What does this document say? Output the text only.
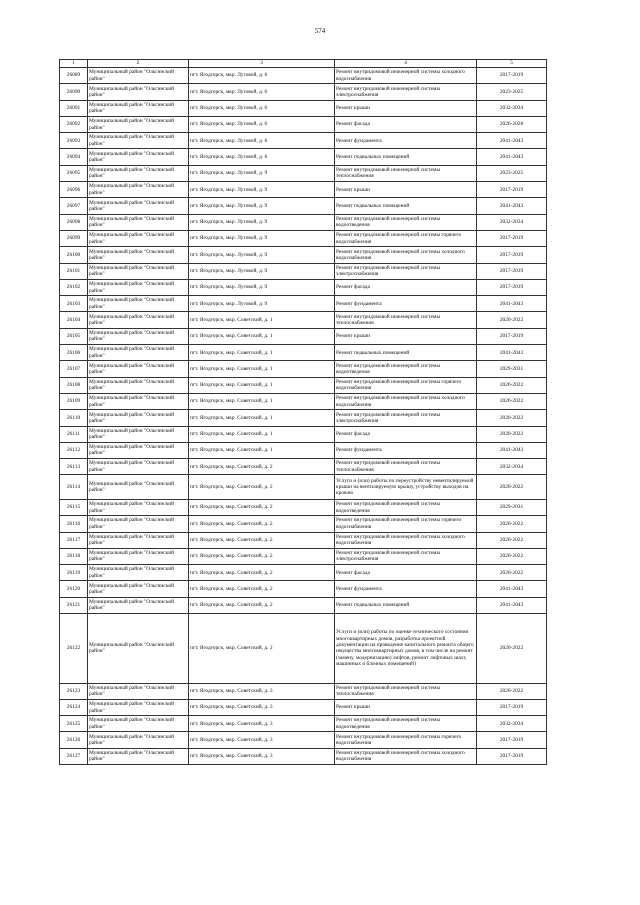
574
1	2	3	4	5
26089	Муниципальный район "Ольгинский район"	пгт. Ягодгорск, мкр. Луговой, д. 6	Ремонт внутридомовой инженерной системы холодного водоснабжения	2017-2019
26090	Муниципальный район "Ольгинский район"	пгт. Ягодгорск, мкр. Луговой, д. 6	Ремонт внутридомовой инженерной системы электроснабжения	2023-2025
26091	Муниципальный район "Ольгинский район"	пгт. Ягодгорск, мкр. Луговой, д. 6	Ремонт крыши	2032-2034
26092	Муниципальный район "Ольгинский район"	пгт. Ягодгорск, мкр. Луговой, д. 6	Ремонт фасада	2026-2028
26093	Муниципальный район "Ольгинский район"	пгт. Ягодгорск, мкр. Луговой, д. 6	Ремонт фундамента	2041-2043
26094	Муниципальный район "Ольгинский район"	пгт. Ягодгорск, мкр. Луговой, д. 6	Ремонт подвальных помещений	2041-2043
26095	Муниципальный район "Ольгинский район"	пгт. Ягодгорск, мкр. Луговой, д. 9	Ремонт внутридомовой инженерной системы теплоснабжения	2023-2025
26096	Муниципальный район "Ольгинский район"	пгт. Ягодгорск, мкр. Луговой, д. 9	Ремонт крыши	2017-2019
26097	Муниципальный район "Ольгинский район"	пгт. Ягодгорск, мкр. Луговой, д. 9	Ремонт подвальных помещений	2041-2043
26098	Муниципальный район "Ольгинский район"	пгт. Ягодгорск, мкр. Луговой, д. 9	Ремонт внутридомовой инженерной системы водоотведения	2032-2034
26099	Муниципальный район "Ольгинский район"	пгт. Ягодгорск, мкр. Луговой, д. 9	Ремонт внутридомовой инженерной системы горячего водоснабжения	2017-2019
26100	Муниципальный район "Ольгинский район"	пгт. Ягодгорск, мкр. Луговой, д. 9	Ремонт внутридомовой инженерной системы холодного водоснабжения	2017-2019
26101	Муниципальный район "Ольгинский район"	пгт. Ягодгорск, мкр. Луговой, д. 9	Ремонт внутридомовой инженерной системы электроснабжения	2017-2019
26102	Муниципальный район "Ольгинский район"	пгт. Ягодгорск, мкр. Луговой, д. 9	Ремонт фасада	2017-2019
26103	Муниципальный район "Ольгинский район"	пгт. Ягодгорск, мкр. Луговой, д. 9	Ремонт фундамента	2041-2043
26104	Муниципальный район "Ольгинский район"	пгт. Ягодгорск, мкр. Советский, д. 1	Ремонт внутридомовой инженерной системы теплоснабжения	2020-2022
26105	Муниципальный район "Ольгинский район"	пгт. Ягодгорск, мкр. Советский, д. 1	Ремонт крыши	2017-2019
26106	Муниципальный район "Ольгинский район"	пгт. Ягодгорск, мкр. Советский, д. 1	Ремонт подвальных помещений	2041-2043
26107	Муниципальный район "Ольгинский район"	пгт. Ягодгорск, мкр. Советский, д. 1	Ремонт внутридомовой инженерной системы водоотведения	2029-2031
26108	Муниципальный район "Ольгинский район"	пгт. Ягодгорск, мкр. Советский, д. 1	Ремонт внутридомовой инженерной системы горячего водоснабжения	2020-2022
26109	Муниципальный район "Ольгинский район"	пгт. Ягодгорск, мкр. Советский, д. 1	Ремонт внутридомовой инженерной системы холодного водоснабжения	2020-2022
26110	Муниципальный район "Ольгинский район"	пгт. Ягодгорск, мкр. Советский, д. 1	Ремонт внутридомовой инженерной системы электроснабжения	2020-2022
26111	Муниципальный район "Ольгинский район"	пгт. Ягодгорск, мкр. Советский, д. 1	Ремонт фасада	2020-2022
26112	Муниципальный район "Ольгинский район"	пгт. Ягодгорск, мкр. Советский, д. 1	Ремонт фундамента	2041-2043
26113	Муниципальный район "Ольгинский район"	пгт. Ягодгорск, мкр. Советский, д. 2	Ремонт внутридомовой инженерной системы теплоснабжения	2032-2034
26114	Муниципальный район "Ольгинский район"	пгт. Ягодгорск, мкр. Советский, д. 2	Услуги и (или) работы по переустройству невентилируемой крыши на вентилируемую крышу, устройству выходов на кровлю	2020-2022
26115	Муниципальный район "Ольгинский район"	пгт. Ягодгорск, мкр. Советский, д. 2	Ремонт внутридомовой инженерной системы водоотведения	2029-2031
26116	Муниципальный район "Ольгинский район"	пгт. Ягодгорск, мкр. Советский, д. 2	Ремонт внутридомовой инженерной системы горячего водоснабжения	2020-2022
26117	Муниципальный район "Ольгинский район"	пгт. Ягодгорск, мкр. Советский, д. 2	Ремонт внутридомовой инженерной системы холодного водоснабжения	2020-2022
26118	Муниципальный район "Ольгинский район"	пгт. Ягодгорск, мкр. Советский, д. 2	Ремонт внутридомовой инженерной системы электроснабжения	2020-2022
26119	Муниципальный район "Ольгинский район"	пгт. Ягодгорск, мкр. Советский, д. 2	Ремонт фасада	2020-2022
26120	Муниципальный район "Ольгинский район"	пгт. Ягодгорск, мкр. Советский, д. 2	Ремонт фундамента	2041-2043
26121	Муниципальный район "Ольгинский район"	пгт. Ягодгорск, мкр. Советский, д. 2	Ремонт подвальных помещений	2041-2043
26122	Муниципальный район "Ольгинский район"	пгт. Ягодгорск, мкр. Советский, д. 2	Услуги и (или) работы по оценке технического состояния многоквартирных домов, разработка проектной документации на проведение капитального ремонта общего имущества многоквартирных домов, в том числе на ремонт (замену, модернизацию) лифтов, ремонт лифтовых шахт, машинных и блочных помещений)	2020-2022
26123	Муниципальный район "Ольгинский район"	пгт. Ягодгорск, мкр. Советский, д. 3	Ремонт внутридомовой инженерной системы теплоснабжения	2020-2022
26124	Муниципальный район "Ольгинский район"	пгт. Ягодгорск, мкр. Советский, д. 3	Ремонт крыши	2017-2019
26125	Муниципальный район "Ольгинский район"	пгт. Ягодгорск, мкр. Советский, д. 3	Ремонт внутридомовой инженерной системы водоотведения	2032-2034
26126	Муниципальный район "Ольгинский район"	пгт. Ягодгорск, мкр. Советский, д. 3	Ремонт внутридомовой инженерной системы горячего водоснабжения	2017-2019
26127	Муниципальный район "Ольгинский район"	пгт. Ягодгорск, мкр. Советский, д. 3	Ремонт внутридомовой инженерной системы холодного водоснабжения	2017-2019
